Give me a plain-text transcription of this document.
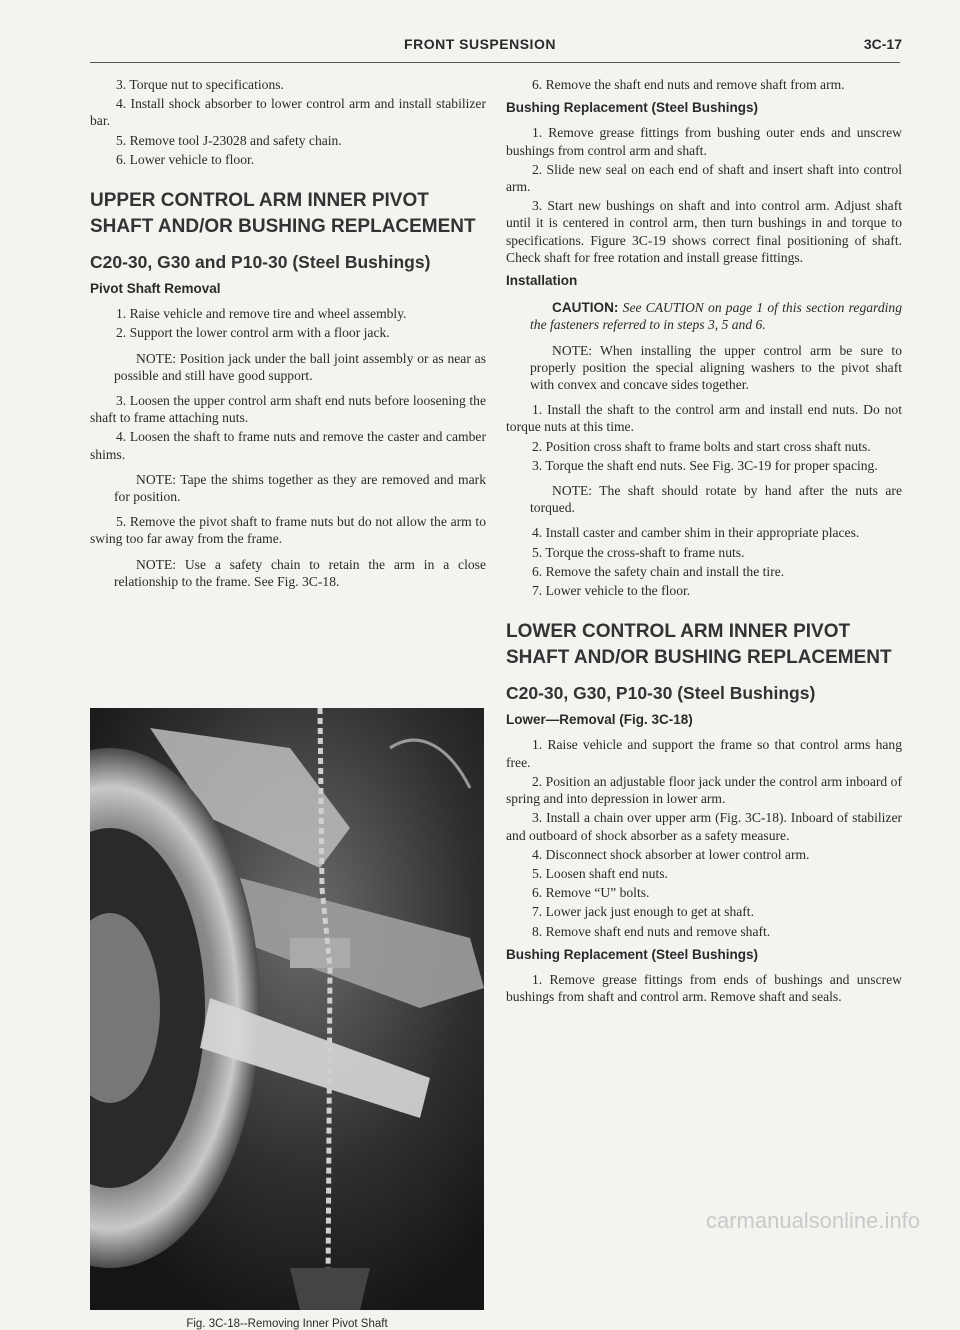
FRONT SUSPENSION	3C-17

3. Torque nut to specifications.

4. Install shock absorber to lower control arm and install stabilizer bar.

5. Remove tool J-23028 and safety chain.

6. Lower vehicle to floor.

UPPER CONTROL ARM INNER PIVOT SHAFT AND/OR BUSHING REPLACEMENT
C20-30, G30 and P10-30 (Steel Bushings)
Pivot Shaft Removal

1. Raise vehicle and remove tire and wheel assembly.

2. Support the lower control arm with a floor jack.

NOTE: Position jack under the ball joint assembly or as near as possible and still have good support.

3. Loosen the upper control arm shaft end nuts before loosening the shaft to frame attaching nuts.

4. Loosen the shaft to frame nuts and remove the caster and camber shims.

NOTE: Tape the shims together as they are removed and mark for position.

5. Remove the pivot shaft to frame nuts but do not allow the arm to swing too far away from the frame.

NOTE: Use a safety chain to retain the arm in a close relationship to the frame. See Fig. 3C-18.

Fig. 3C-18--Removing Inner Pivot Shaft

6. Remove the shaft end nuts and remove shaft from arm.

Bushing Replacement (Steel Bushings)

1. Remove grease fittings from bushing outer ends and unscrew bushings from control arm and shaft.

2. Slide new seal on each end of shaft and insert shaft into control arm.

3. Start new bushings on shaft and into control arm. Adjust shaft until it is centered in control arm, then turn bushings in and torque to specifications. Figure 3C-19 shows correct final positioning of shaft. Check shaft for free rotation and install grease fittings.

Installation

CAUTION: See CAUTION on page 1 of this section regarding the fasteners referred to in steps 3, 5 and 6.

NOTE: When installing the upper control arm be sure to properly position the special aligning washers to the pivot shaft with convex and concave sides together.

1. Install the shaft to the control arm and install end nuts. Do not torque nuts at this time.

2. Position cross shaft to frame bolts and start cross shaft nuts.

3. Torque the shaft end nuts. See Fig. 3C-19 for proper spacing.

NOTE: The shaft should rotate by hand after the nuts are torqued.

4. Install caster and camber shim in their appropriate places.

5. Torque the cross-shaft to frame nuts.

6. Remove the safety chain and install the tire.

7. Lower vehicle to the floor.

LOWER CONTROL ARM INNER PIVOT SHAFT AND/OR BUSHING REPLACEMENT
C20-30, G30, P10-30 (Steel Bushings)
Lower—Removal (Fig. 3C-18)

1. Raise vehicle and support the frame so that control arms hang free.

2. Position an adjustable floor jack under the control arm inboard of spring and into depression in lower arm.

3. Install a chain over upper arm (Fig. 3C-18). Inboard of stabilizer and outboard of shock absorber as a safety measure.

4. Disconnect shock absorber at lower control arm.

5. Loosen shaft end nuts.

6. Remove “U” bolts.

7. Lower jack just enough to get at shaft.

8. Remove shaft end nuts and remove shaft.

Bushing Replacement (Steel Bushings)

1. Remove grease fittings from ends of bushings and unscrew bushings from shaft and control arm. Remove shaft and seals.

carmanualsonline.info
